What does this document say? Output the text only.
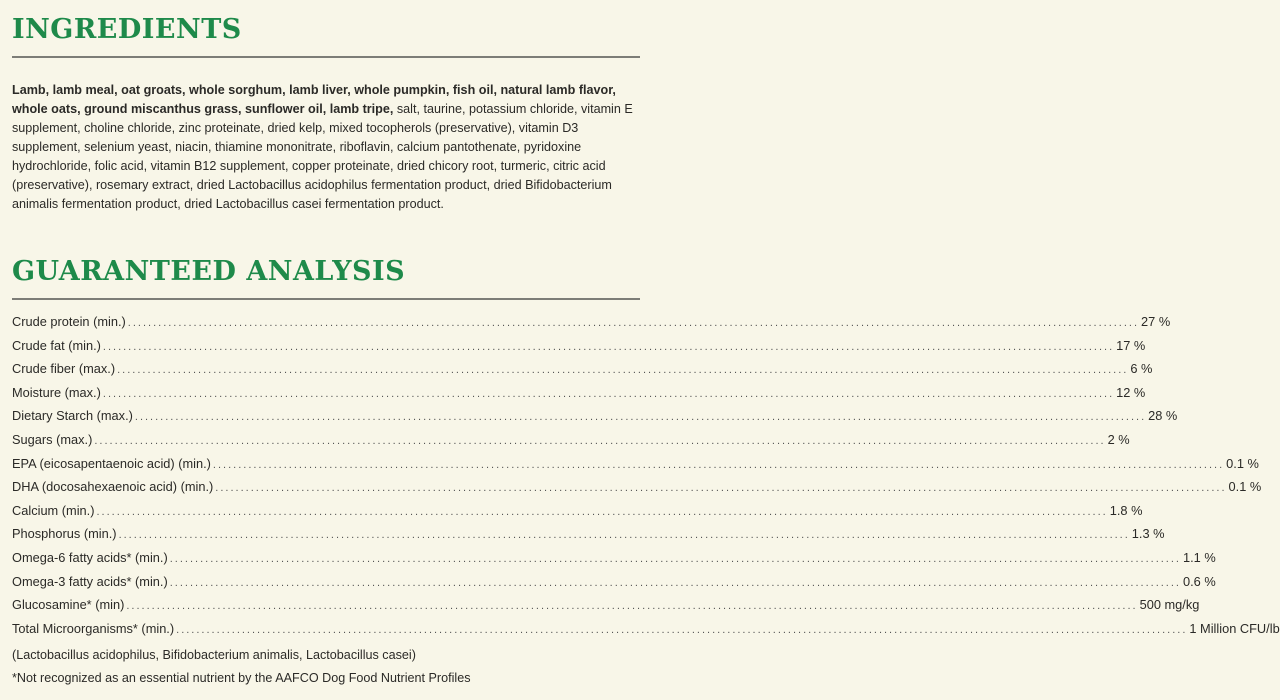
INGREDIENTS

Lamb, lamb meal, oat groats, whole sorghum, lamb liver, whole pumpkin, fish oil, natural lamb flavor, whole oats, ground miscanthus grass, sunflower oil, lamb tripe, salt, taurine, potassium chloride, vitamin E supplement, choline chloride, zinc proteinate, dried kelp, mixed tocopherols (preservative), vitamin D3 supplement, selenium yeast, niacin, thiamine mononitrate, riboflavin, calcium pantothenate, pyridoxine hydrochloride, folic acid, vitamin B12 supplement, copper proteinate, dried chicory root, turmeric, citric acid (preservative), rosemary extract, dried Lactobacillus acidophilus fermentation product, dried Bifidobacterium animalis fermentation product, dried Lactobacillus casei fermentation product.

GUARANTEED ANALYSIS
Crude protein (min.) ........................................................................................................................................................................................................ 27 %
Crude fat (min.) ........................................................................................................................................................................................................ 17 %
Crude fiber (max.) ........................................................................................................................................................................................................ 6 %
Moisture (max.) ........................................................................................................................................................................................................ 12 %
Dietary Starch (max.) ........................................................................................................................................................................................................ 28 %
Sugars (max.) ........................................................................................................................................................................................................ 2 %
EPA (eicosapentaenoic acid) (min.) ........................................................................................................................................................................................................ 0.1 %
DHA (docosahexaenoic acid) (min.) ........................................................................................................................................................................................................ 0.1 %
Calcium (min.) ........................................................................................................................................................................................................ 1.8 %
Phosphorus (min.) ........................................................................................................................................................................................................ 1.3 %
Omega-6 fatty acids* (min.) ........................................................................................................................................................................................................ 1.1 %
Omega-3 fatty acids* (min.) ........................................................................................................................................................................................................ 0.6 %
Glucosamine* (min) ........................................................................................................................................................................................................ 500 mg/kg
Total Microorganisms* (min.) ........................................................................................................................................................................................................ 1 Million CFU/lb
(Lactobacillus acidophilus, Bifidobacterium animalis, Lactobacillus casei)
*Not recognized as an essential nutrient by the AAFCO Dog Food Nutrient Profiles
